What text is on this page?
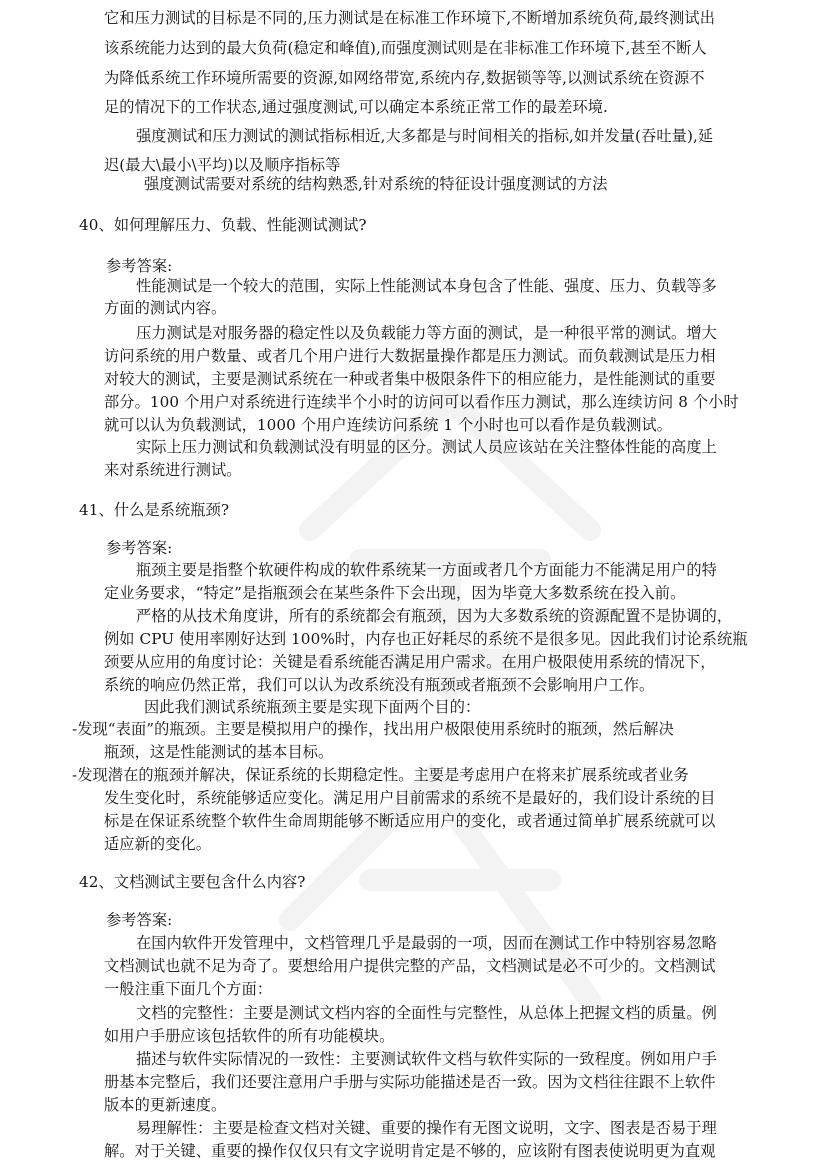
它和压力测试的目标是不同的,压力测试是在标准工作环境下,不断增加系统负荷,最终测试出
该系统能力达到的最大负荷(稳定和峰值),而强度测试则是在非标准工作环境下,甚至不断人
为降低系统工作环境所需要的资源,如网络带宽,系统内存,数据锁等等,以测试系统在资源不
足的情况下的工作状态,通过强度测试,可以确定本系统正常工作的最差环境.
强度测试和压力测试的测试指标相近,大多都是与时间相关的指标,如并发量(吞吐量),延
迟(最大\最小\平均)以及顺序指标等
强度测试需要对系统的结构熟悉,针对系统的特征设计强度测试的方法
40、如何理解压力、负载、性能测试测试?
参考答案:
性能测试是一个较大的范围，实际上性能测试本身包含了性能、强度、压力、负载等多
方面的测试内容。
压力测试是对服务器的稳定性以及负载能力等方面的测试，是一种很平常的测试。增大
访问系统的用户数量、或者几个用户进行大数据量操作都是压力测试。而负载测试是压力相
对较大的测试，主要是测试系统在一种或者集中极限条件下的相应能力，是性能测试的重要
部分。100 个用户对系统进行连续半个小时的访问可以看作压力测试，那么连续访问 8 个小时
就可以认为负载测试，1000 个用户连续访问系统 1 个小时也可以看作是负载测试。
实际上压力测试和负载测试没有明显的区分。测试人员应该站在关注整体性能的高度上
来对系统进行测试。
41、什么是系统瓶颈?
参考答案:
瓶颈主要是指整个软硬件构成的软件系统某一方面或者几个方面能力不能满足用户的特
定业务要求，“特定”是指瓶颈会在某些条件下会出现，因为毕竟大多数系统在投入前。
严格的从技术角度讲，所有的系统都会有瓶颈，因为大多数系统的资源配置不是协调的，
例如 CPU 使用率刚好达到 100%时，内存也正好耗尽的系统不是很多见。因此我们讨论系统瓶
颈要从应用的角度讨论：关键是看系统能否满足用户需求。在用户极限使用系统的情况下，
系统的响应仍然正常，我们可以认为改系统没有瓶颈或者瓶颈不会影响用户工作。
因此我们测试系统瓶颈主要是实现下面两个目的：
-发现“表面”的瓶颈。主要是模拟用户的操作，找出用户极限使用系统时的瓶颈，然后解决
瓶颈，这是性能测试的基本目标。
-发现潜在的瓶颈并解决，保证系统的长期稳定性。主要是考虑用户在将来扩展系统或者业务
发生变化时，系统能够适应变化。满足用户目前需求的系统不是最好的，我们设计系统的目
标是在保证系统整个软件生命周期能够不断适应用户的变化，或者通过简单扩展系统就可以
适应新的变化。
42、文档测试主要包含什么内容?
参考答案:
在国内软件开发管理中，文档管理几乎是最弱的一项，因而在测试工作中特别容易忽略
文档测试也就不足为奇了。要想给用户提供完整的产品，文档测试是必不可少的。文档测试
一般注重下面几个方面：
文档的完整性：主要是测试文档内容的全面性与完整性，从总体上把握文档的质量。例
如用户手册应该包括软件的所有功能模块。
描述与软件实际情况的一致性：主要测试软件文档与软件实际的一致程度。例如用户手
册基本完整后，我们还要注意用户手册与实际功能描述是否一致。因为文档往往跟不上软件
版本的更新速度。
易理解性：主要是检查文档对关键、重要的操作有无图文说明，文字、图表是否易于理
解。对于关键、重要的操作仅仅只有文字说明肯定是不够的，应该附有图表使说明更为直观
